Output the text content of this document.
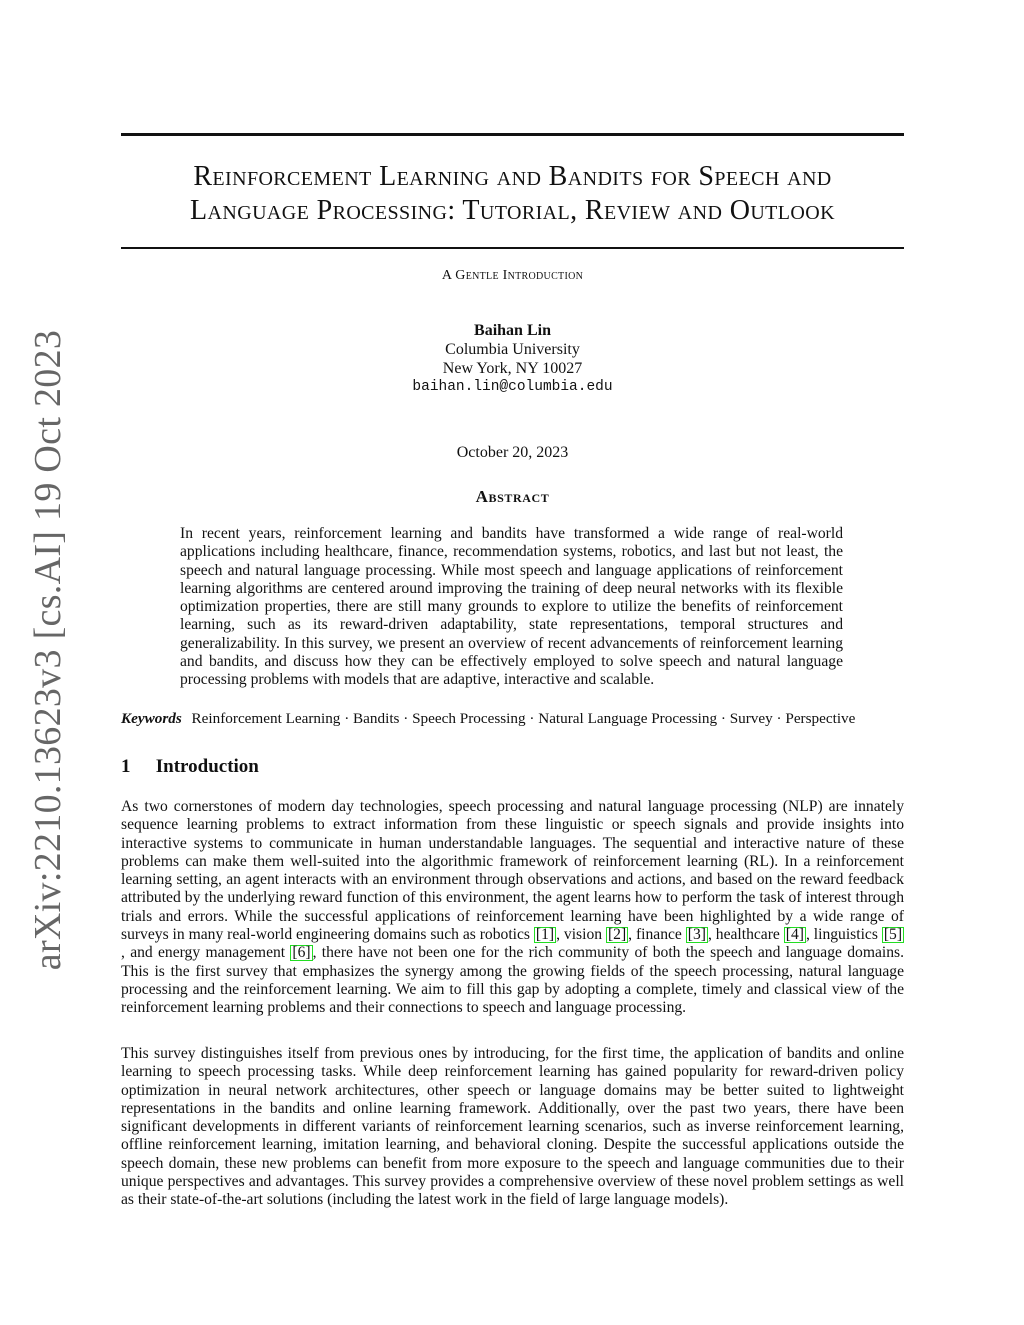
arXiv:2210.13623v3 [cs.AI] 19 Oct 2023
Reinforcement Learning and Bandits for Speech and
Language Processing: Tutorial, Review and Outlook
A Gentle Introduction
Baihan Lin
Columbia University
New York, NY 10027
baihan.lin@columbia.edu
October 20, 2023
Abstract
In recent years, reinforcement learning and bandits have transformed a wide range of real-world applications including healthcare, finance, recommendation systems, robotics, and last but not least, the speech and natural language processing. While most speech and language applications of reinforcement learning algorithms are centered around improving the training of deep neural networks with its flexible optimization properties, there are still many grounds to explore to utilize the benefits of reinforcement learning, such as its reward-driven adaptability, state representations, temporal structures and generalizability. In this survey, we present an overview of recent advancements of reinforcement learning and bandits, and discuss how they can be effectively employed to solve speech and natural language processing problems with models that are adaptive, interactive and scalable.
Keywords Reinforcement Learning · Bandits · Speech Processing · Natural Language Processing · Survey · Perspective
1 Introduction

As two cornerstones of modern day technologies, speech processing and natural language processing (NLP) are innately sequence learning problems to extract information from these linguistic or speech signals and provide insights into interactive systems to communicate in human understandable languages. The sequential and interactive nature of these problems can make them well-suited into the algorithmic framework of reinforcement learning (RL). In a reinforcement learning setting, an agent interacts with an environment through observations and actions, and based on the reward feedback attributed by the underlying reward function of this environment, the agent learns how to perform the task of interest through trials and errors. While the successful applications of reinforcement learning have been highlighted by a wide range of surveys in many real-world engineering domains such as robotics [1] , vision [2] , finance [3] , healthcare [4] , linguistics [5], and energy management [6] , there have not been one for the rich community of both the speech and language domains. This is the first survey that emphasizes the synergy among the growing fields of the speech processing, natural language processing and the reinforcement learning. We aim to fill this gap by adopting a complete, timely and classical view of the reinforcement learning problems and their connections to speech and language processing.

This survey distinguishes itself from previous ones by introducing, for the first time, the application of bandits and online learning to speech processing tasks. While deep reinforcement learning has gained popularity for reward-driven policy optimization in neural network architectures, other speech or language domains may be better suited to lightweight representations in the bandits and online learning framework. Additionally, over the past two years, there have been significant developments in different variants of reinforcement learning scenarios, such as inverse reinforcement learning, offline reinforcement learning, imitation learning, and behavioral cloning. Despite the successful applications outside the speech domain, these new problems can benefit from more exposure to the speech and language communities due to their unique perspectives and advantages. This survey provides a comprehensive overview of these novel problem settings as well as their state-of-the-art solutions (including the latest work in the field of large language models).
